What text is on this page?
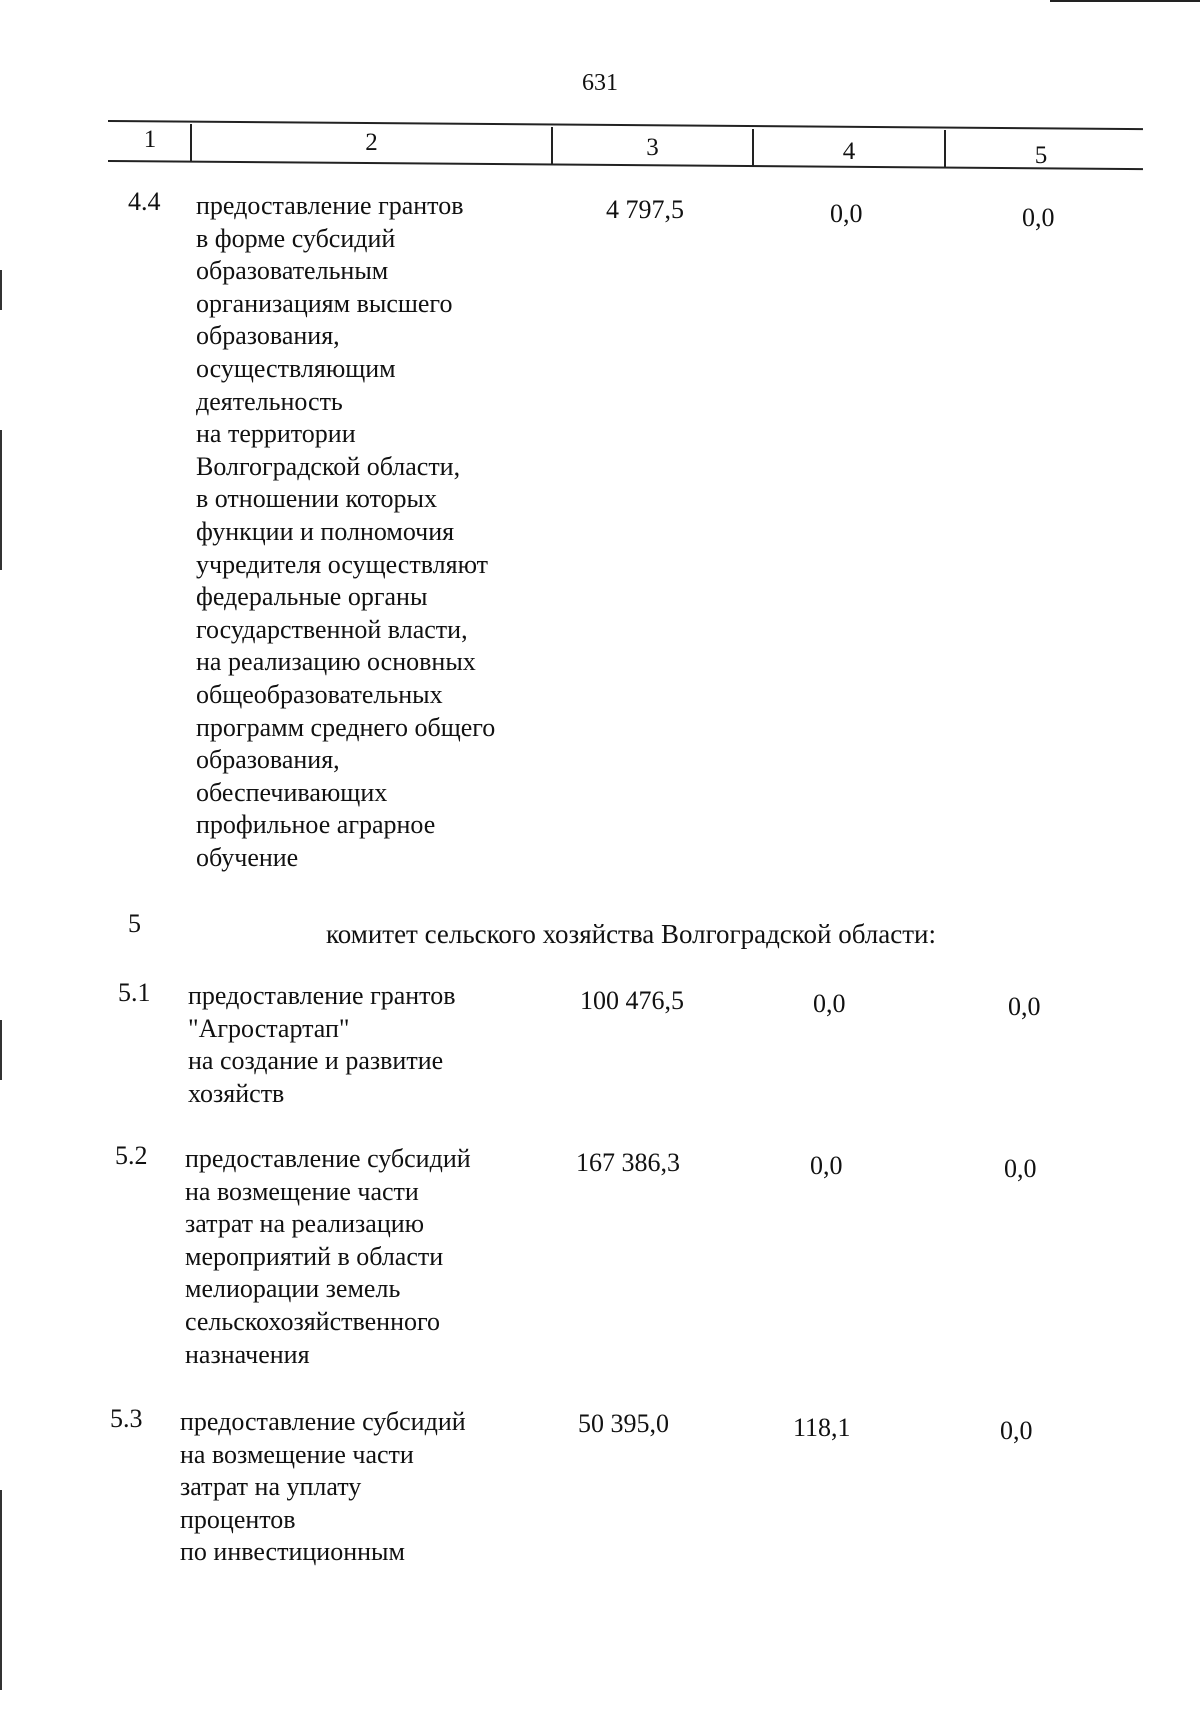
631
1	2	3	4	5
4.4 предоставление грантов
в форме субсидий
образовательным
организациям высшего
образования,
осуществляющим
деятельность
на территории
Волгоградской области,
в отношении которых
функции и полномочия
учредителя осуществляют
федеральные органы
государственной власти,
на реализацию основных
общеобразовательных
программ среднего общего
образования,
обеспечивающих
профильное аграрное
обучение
4 797,5	0,0	0,0
5	комитет сельского хозяйства Волгоградской области:
5.1 предоставление грантов
"Агростартап"
на создание и развитие
хозяйств
100 476,5	0,0	0,0
5.2 предоставление субсидий
на возмещение части
затрат на реализацию
мероприятий в области
мелиорации земель
сельскохозяйственного
назначения
167 386,3	0,0	0,0
5.3 предоставление субсидий
на возмещение части
затрат на уплату
процентов
по инвестиционным
50 395,0	118,1	0,0
